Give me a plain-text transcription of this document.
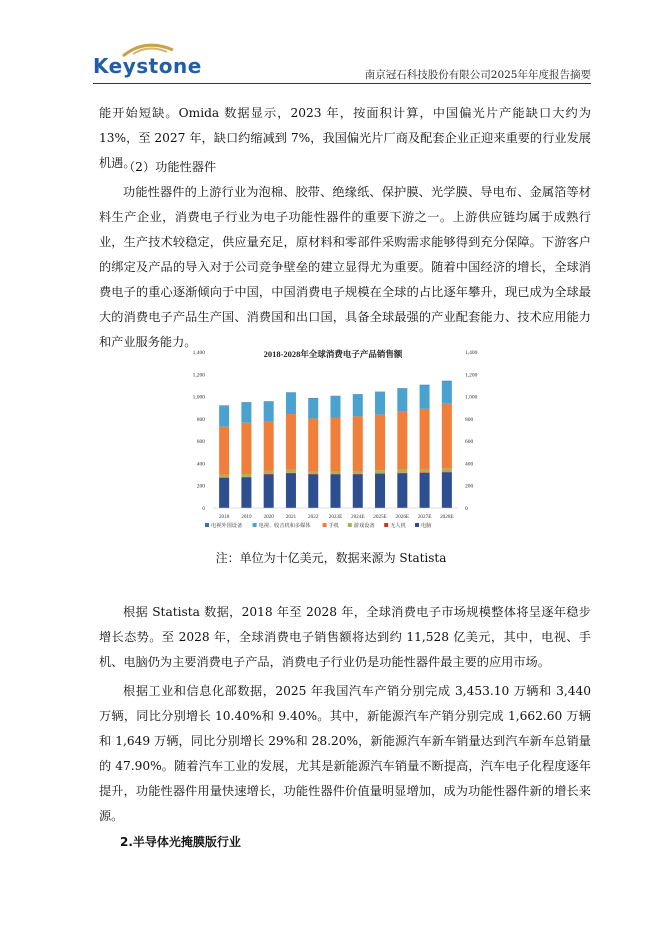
Keystone	南京冠石科技股份有限公司2025年年度报告摘要

能开始短缺。Omida 数据显示，2023 年，按面积计算，中国偏光片产能缺口大约为 13%，至 2027 年，缺口约缩减到 7%，我国偏光片厂商及配套企业正迎来重要的行业发展机遇。

（2）功能性器件

功能性器件的上游行业为泡棉、胶带、绝缘纸、保护膜、光学膜、导电布、金属箔等材料生产企业，消费电子行业为电子功能性器件的重要下游之一。上游供应链均属于成熟行业，生产技术较稳定，供应量充足，原材料和零部件采购需求能够得到充分保障。下游客户的绑定及产品的导入对于公司竞争壁垒的建立显得尤为重要。随着中国经济的增长，全球消费电子的重心逐渐倾向于中国，中国消费电子规模在全球的占比逐年攀升，现已成为全球最大的消费电子产品生产国、消费国和出口国，具备全球最强的产业配套能力、技术应用能力和产业服务能力。

2018-2028年全球消费电子产品销售额
0	0
200	200
400	400
600	600
800	800
1,000	1,000
1,200	1,200
1,400	1,400
2018 2019 2020 2021 2022 2023E 2024E 2025E 2026E 2027E 2028E
电视外围设备	电视、收音机和多媒体	手机	游戏设备	无人机	电脑
注：单位为十亿美元，数据来源为 Statista

根据 Statista 数据，2018 年至 2028 年，全球消费电子市场规模整体将呈逐年稳步增长态势。至 2028 年，全球消费电子销售额将达到约 11,528 亿美元，其中，电视、手机、电脑仍为主要消费电子产品，消费电子行业仍是功能性器件最主要的应用市场。

根据工业和信息化部数据，2025 年我国汽车产销分别完成 3,453.10 万辆和 3,440 万辆，同比分别增长 10.40%和 9.40%。其中，新能源汽车产销分别完成 1,662.60 万辆和 1,649 万辆，同比分别增长 29%和 28.20%，新能源汽车新车销量达到汽车新车总销量的 47.90%。随着汽车工业的发展，尤其是新能源汽车销量不断提高，汽车电子化程度逐年提升，功能性器件用量快速增长，功能性器件价值量明显增加，成为功能性器件新的增长来源。

2.半导体光掩膜版行业
